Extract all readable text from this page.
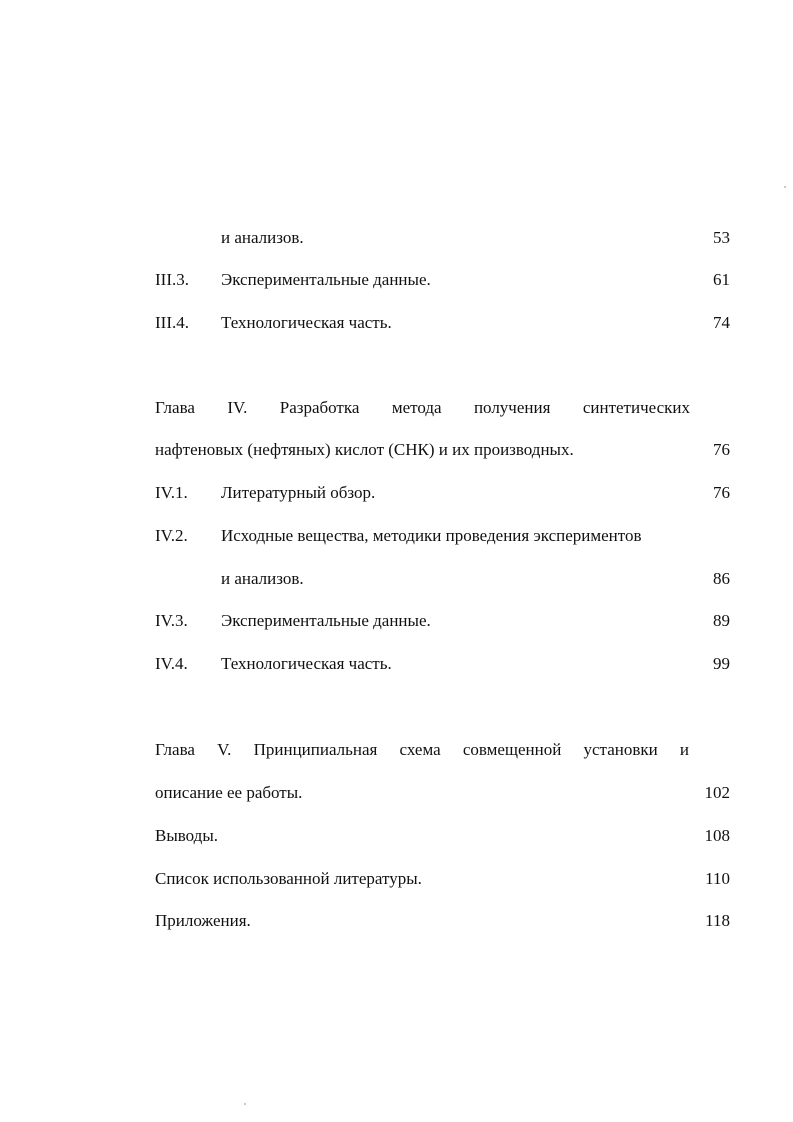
и анализов.	53
III.3. Экспериментальные данные.	61
III.4. Технологическая часть.	74
Глава IV. Разработка метода получения синтетических
нафтеновых (нефтяных) кислот (СНК) и их производных.	76
IV.1. Литературный обзор.	76
IV.2. Исходные вещества, методики проведения экспериментов
и анализов.	86
IV.3. Экспериментальные данные.	89
IV.4. Технологическая часть.	99
Глава V. Принципиальная схема совмещенной установки и
описание ее работы.	102
Выводы.	108
Список использованной литературы.	110
Приложения.	118
